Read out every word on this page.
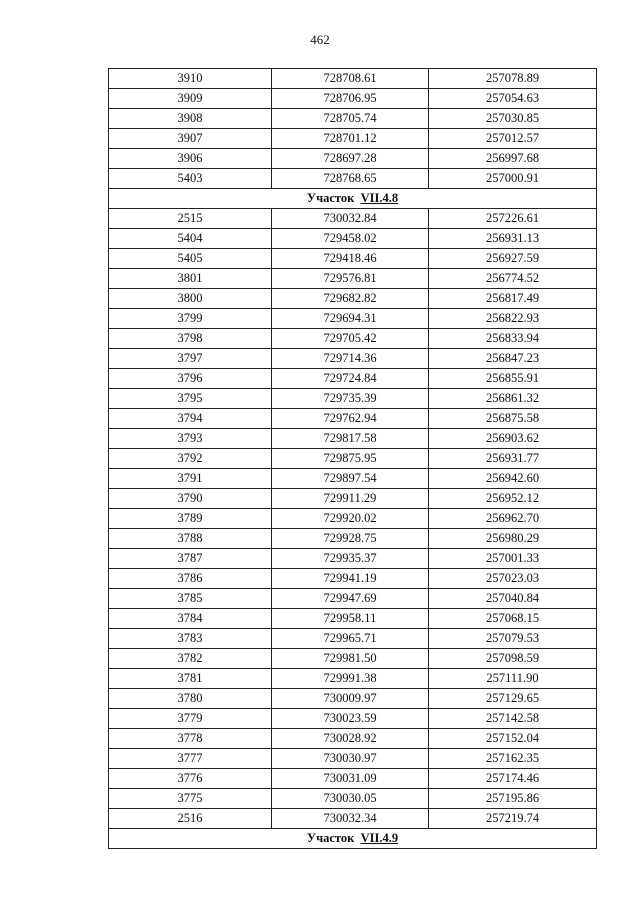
462
3910	728708.61	257078.89
3909	728706.95	257054.63
3908	728705.74	257030.85
3907	728701.12	257012.57
3906	728697.28	256997.68
5403	728768.65	257000.91
Участок VII.4.8		
2515	730032.84	257226.61
5404	729458.02	256931.13
5405	729418.46	256927.59
3801	729576.81	256774.52
3800	729682.82	256817.49
3799	729694.31	256822.93
3798	729705.42	256833.94
3797	729714.36	256847.23
3796	729724.84	256855.91
3795	729735.39	256861.32
3794	729762.94	256875.58
3793	729817.58	256903.62
3792	729875.95	256931.77
3791	729897.54	256942.60
3790	729911.29	256952.12
3789	729920.02	256962.70
3788	729928.75	256980.29
3787	729935.37	257001.33
3786	729941.19	257023.03
3785	729947.69	257040.84
3784	729958.11	257068.15
3783	729965.71	257079.53
3782	729981.50	257098.59
3781	729991.38	257111.90
3780	730009.97	257129.65
3779	730023.59	257142.58
3778	730028.92	257152.04
3777	730030.97	257162.35
3776	730031.09	257174.46
3775	730030.05	257195.86
2516	730032.34	257219.74
Участок VII.4.9		
